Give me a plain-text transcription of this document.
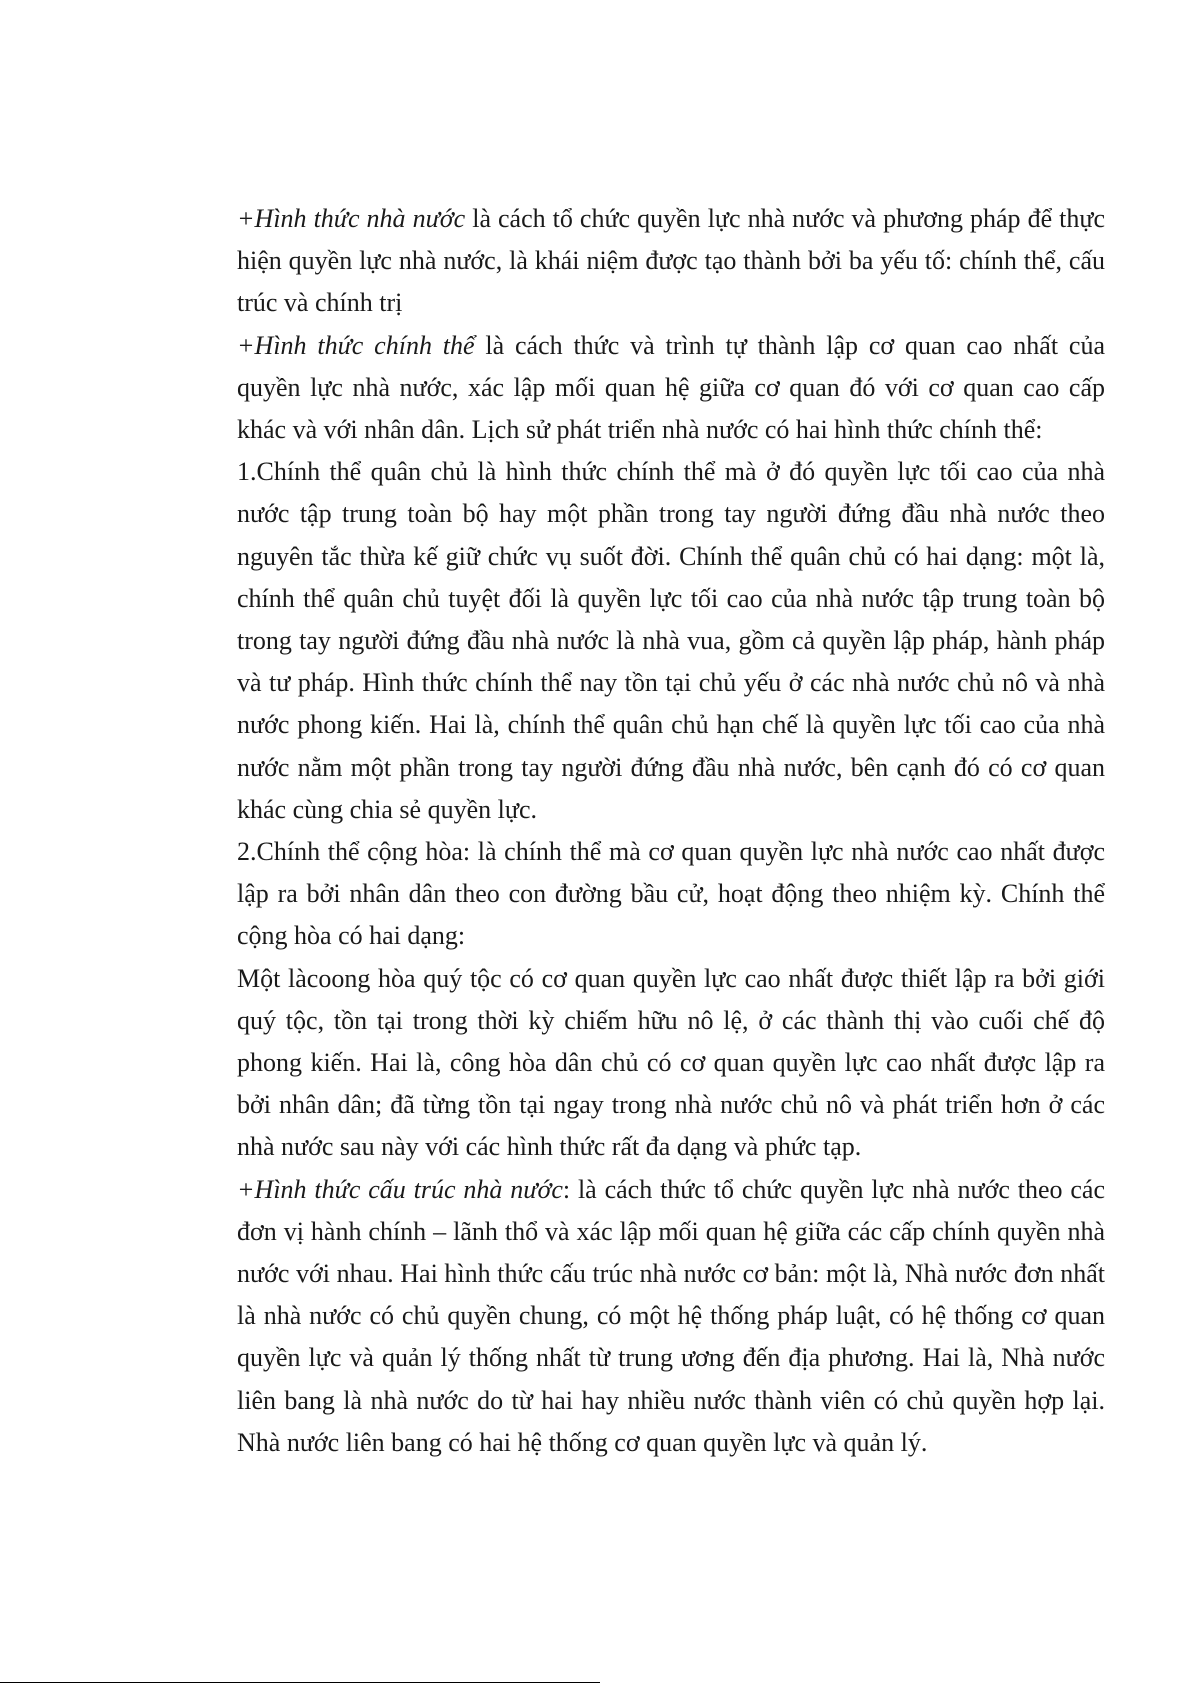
+Hình thức nhà nước là cách tổ chức quyền lực nhà nước và phương pháp để thực hiện quyền lực nhà nước, là khái niệm được tạo thành bởi ba yếu tố: chính thể, cấu trúc và chính trị

+Hình thức chính thể là cách thức và trình tự thành lập cơ quan cao nhất của quyền lực nhà nước, xác lập mối quan hệ giữa cơ quan đó với cơ quan cao cấp khác và với nhân dân. Lịch sử phát triển nhà nước có hai hình thức chính thể:

1.Chính thể quân chủ là hình thức chính thể mà ở đó quyền lực tối cao của nhà nước tập trung toàn bộ hay một phần trong tay người đứng đầu nhà nước theo nguyên tắc thừa kế giữ chức vụ suốt đời. Chính thể quân chủ có hai dạng: một là, chính thể quân chủ tuyệt đối là quyền lực tối cao của nhà nước tập trung toàn bộ trong tay người đứng đầu nhà nước là nhà vua, gồm cả quyền lập pháp, hành pháp và tư pháp. Hình thức chính thể nay tồn tại chủ yếu ở các nhà nước chủ nô và nhà nước phong kiến. Hai là, chính thể quân chủ hạn chế là quyền lực tối cao của nhà nước nằm một phần trong tay người đứng đầu nhà nước, bên cạnh đó có cơ quan khác cùng chia sẻ quyền lực.

2.Chính thể cộng hòa: là chính thể mà cơ quan quyền lực nhà nước cao nhất được lập ra bởi nhân dân theo con đường bầu cử, hoạt động theo nhiệm kỳ. Chính thể cộng hòa có hai dạng:

Một làcoong hòa quý tộc có cơ quan quyền lực cao nhất được thiết lập ra bởi giới quý tộc, tồn tại trong thời kỳ chiếm hữu nô lệ, ở các thành thị vào cuối chế độ phong kiến. Hai là, công hòa dân chủ có cơ quan quyền lực cao nhất được lập ra bởi nhân dân; đã từng tồn tại ngay trong nhà nước chủ nô và phát triển hơn ở các nhà nước sau này với các hình thức rất đa dạng và phức tạp.

+Hình thức cấu trúc nhà nước: là cách thức tổ chức quyền lực nhà nước theo các đơn vị hành chính – lãnh thổ và xác lập mối quan hệ giữa các cấp chính quyền nhà nước với nhau. Hai hình thức cấu trúc nhà nước cơ bản: một là, Nhà nước đơn nhất là nhà nước có chủ quyền chung, có một hệ thống pháp luật, có hệ thống cơ quan quyền lực và quản lý thống nhất từ trung ương đến địa phương. Hai là, Nhà nước liên bang là nhà nước do từ hai hay nhiều nước thành viên có chủ quyền hợp lại. Nhà nước liên bang có hai hệ thống cơ quan quyền lực và quản lý.
